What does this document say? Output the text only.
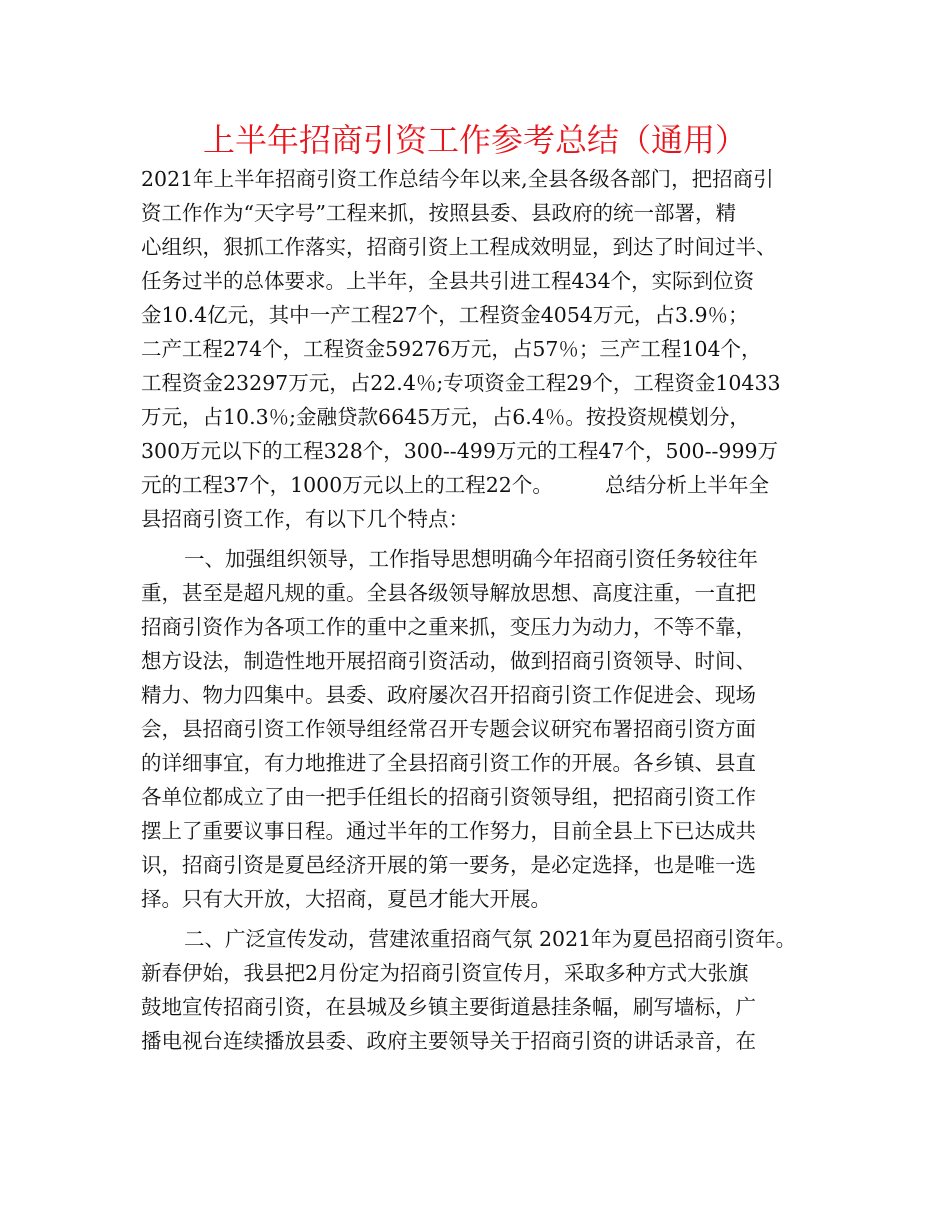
上半年招商引资工作参考总结（通用）
2021年上半年招商引资工作总结今年以来,全县各级各部门，把招商引
资工作作为“天字号”工程来抓，按照县委、县政府的统一部署，精
心组织，狠抓工作落实，招商引资上工程成效明显，到达了时间过半、
任务过半的总体要求。上半年，全县共引进工程434个，实际到位资
金10.4亿元，其中一产工程27个，工程资金4054万元，占3.9％；
二产工程274个，工程资金59276万元，占57％；三产工程104个，
工程资金23297万元，占22.4％;专项资金工程29个，工程资金10433
万元，占10.3％;金融贷款6645万元，占6.4％。按投资规模划分，
300万元以下的工程328个，300--499万元的工程47个，500--999万
元的工程37个，1000万元以上的工程22个。        总结分析上半年全
县招商引资工作，有以下几个特点：
一、加强组织领导，工作指导思想明确今年招商引资任务较往年
重，甚至是超凡规的重。全县各级领导解放思想、高度注重，一直把
招商引资作为各项工作的重中之重来抓，变压力为动力，不等不靠，
想方设法，制造性地开展招商引资活动，做到招商引资领导、时间、
精力、物力四集中。县委、政府屡次召开招商引资工作促进会、现场
会，县招商引资工作领导组经常召开专题会议研究布署招商引资方面
的详细事宜，有力地推进了全县招商引资工作的开展。各乡镇、县直
各单位都成立了由一把手任组长的招商引资领导组，把招商引资工作
摆上了重要议事日程。通过半年的工作努力，目前全县上下已达成共
识，招商引资是夏邑经济开展的第一要务，是必定选择，也是唯一选
择。只有大开放，大招商，夏邑才能大开展。
二、广泛宣传发动，营建浓重招商气氛 2021年为夏邑招商引资年。
新春伊始，我县把2月份定为招商引资宣传月，采取多种方式大张旗
鼓地宣传招商引资，在县城及乡镇主要街道悬挂条幅，刷写墙标，广
播电视台连续播放县委、政府主要领导关于招商引资的讲话录音，在
